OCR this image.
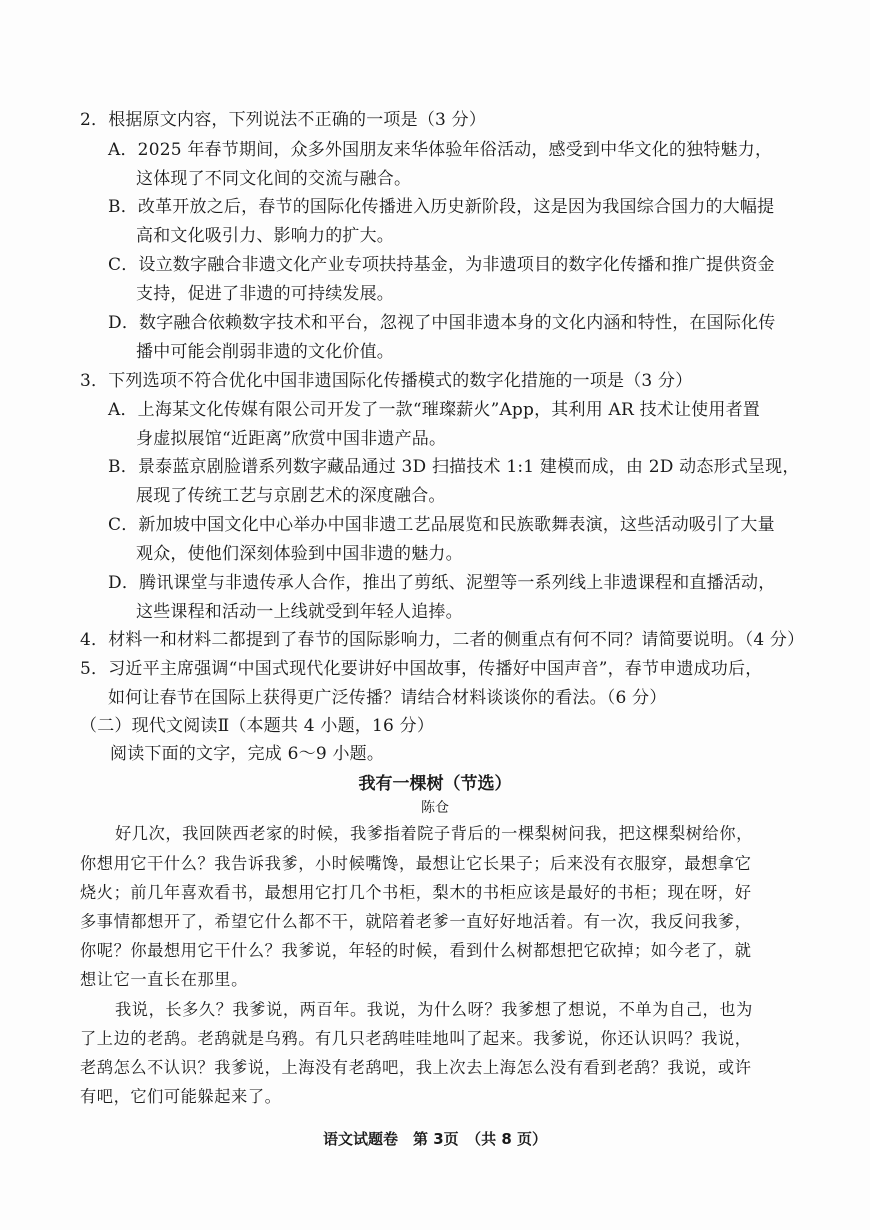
2．根据原文内容，下列说法不正确的一项是（3 分）
A．2025 年春节期间，众多外国朋友来华体验年俗活动，感受到中华文化的独特魅力，
这体现了不同文化间的交流与融合。
B．改革开放之后，春节的国际化传播进入历史新阶段，这是因为我国综合国力的大幅提
高和文化吸引力、影响力的扩大。
C．设立数字融合非遗文化产业专项扶持基金，为非遗项目的数字化传播和推广提供资金
支持，促进了非遗的可持续发展。
D．数字融合依赖数字技术和平台，忽视了中国非遗本身的文化内涵和特性，在国际化传
播中可能会削弱非遗的文化价值。
3．下列选项不符合优化中国非遗国际化传播模式的数字化措施的一项是（3 分）
A．上海某文化传媒有限公司开发了一款“璀璨薪火”App，其利用 AR 技术让使用者置
身虚拟展馆“近距离”欣赏中国非遗产品。
B．景泰蓝京剧脸谱系列数字藏品通过 3D 扫描技术 1:1 建模而成，由 2D 动态形式呈现，
展现了传统工艺与京剧艺术的深度融合。
C．新加坡中国文化中心举办中国非遗工艺品展览和民族歌舞表演，这些活动吸引了大量
观众，使他们深刻体验到中国非遗的魅力。
D．腾讯课堂与非遗传承人合作，推出了剪纸、泥塑等一系列线上非遗课程和直播活动，
这些课程和活动一上线就受到年轻人追捧。
4．材料一和材料二都提到了春节的国际影响力，二者的侧重点有何不同？请简要说明。（4 分）
5．习近平主席强调“中国式现代化要讲好中国故事，传播好中国声音”，春节申遗成功后，
如何让春节在国际上获得更广泛传播？请结合材料谈谈你的看法。（6 分）
（二）现代文阅读Ⅱ（本题共 4 小题，16 分）
阅读下面的文字，完成 6～9 小题。
我有一棵树（节选）
陈仓
好几次，我回陕西老家的时候，我爹指着院子背后的一棵梨树问我，把这棵梨树给你，
你想用它干什么？我告诉我爹，小时候嘴馋，最想让它长果子；后来没有衣服穿，最想拿它
烧火；前几年喜欢看书，最想用它打几个书柜，梨木的书柜应该是最好的书柜；现在呀，好
多事情都想开了，希望它什么都不干，就陪着老爹一直好好地活着。有一次，我反问我爹，
你呢？你最想用它干什么？我爹说，年轻的时候，看到什么树都想把它砍掉；如今老了，就
想让它一直长在那里。
我说，长多久？我爹说，两百年。我说，为什么呀？我爹想了想说，不单为自己，也为
了上边的老鸹。老鸹就是乌鸦。有几只老鸹哇哇地叫了起来。我爹说，你还认识吗？我说，
老鸹怎么不认识？我爹说，上海没有老鸹吧，我上次去上海怎么没有看到老鸹？我说，或许
有吧，它们可能躲起来了。
语文试题卷　第 3页　（共 8 页）
